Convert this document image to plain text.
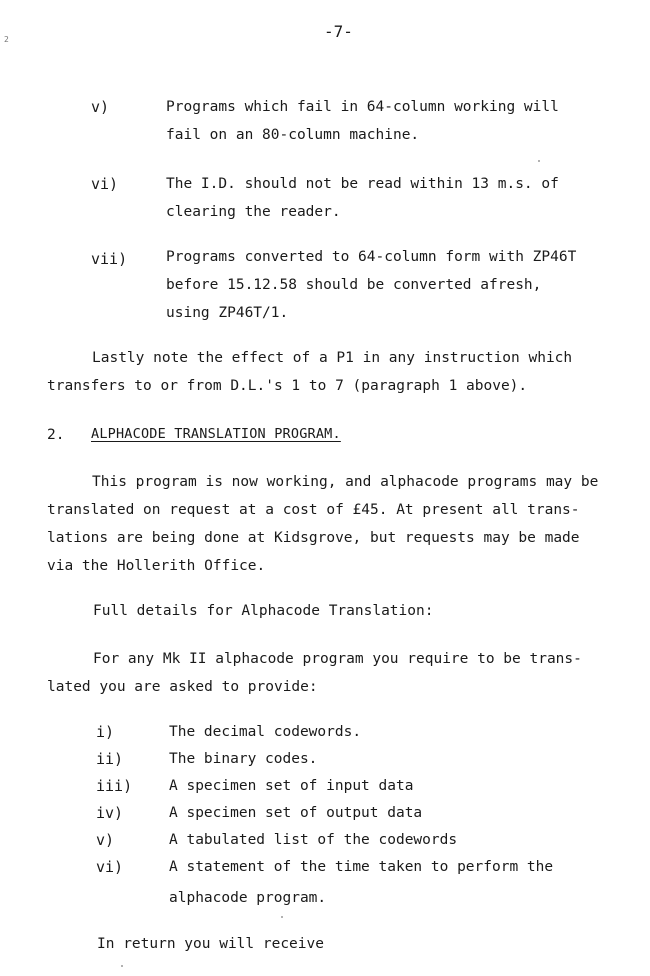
-7-
2
v)	Programs which fail in 64-column working will
fail on an 80-column machine.
vi)	The I.D. should not be read within 13 m.s. of
clearing the reader.
vii)	Programs converted to 64-column form with ZP46T
before 15.12.58 should be converted afresh,
using ZP46T/1.
Lastly note the effect of a P1 in any instruction which
transfers to or from D.L.'s 1 to 7 (paragraph 1 above).
2. ALPHACODE TRANSLATION PROGRAM.
This program is now working, and alphacode programs may be
translated on request at a cost of £45. At present all trans-
lations are being done at Kidsgrove, but requests may be made
via the Hollerith Office.
Full details for Alphacode Translation:
For any Mk II alphacode program you require to be trans-
lated you are asked to provide:
i)	The decimal codewords.
ii)	The binary codes.
iii)	A specimen set of input data
iv)	A specimen set of output data
v)	A tabulated list of the codewords
vi)	A statement of the time taken to perform the
alphacode program.
In return you will receive
